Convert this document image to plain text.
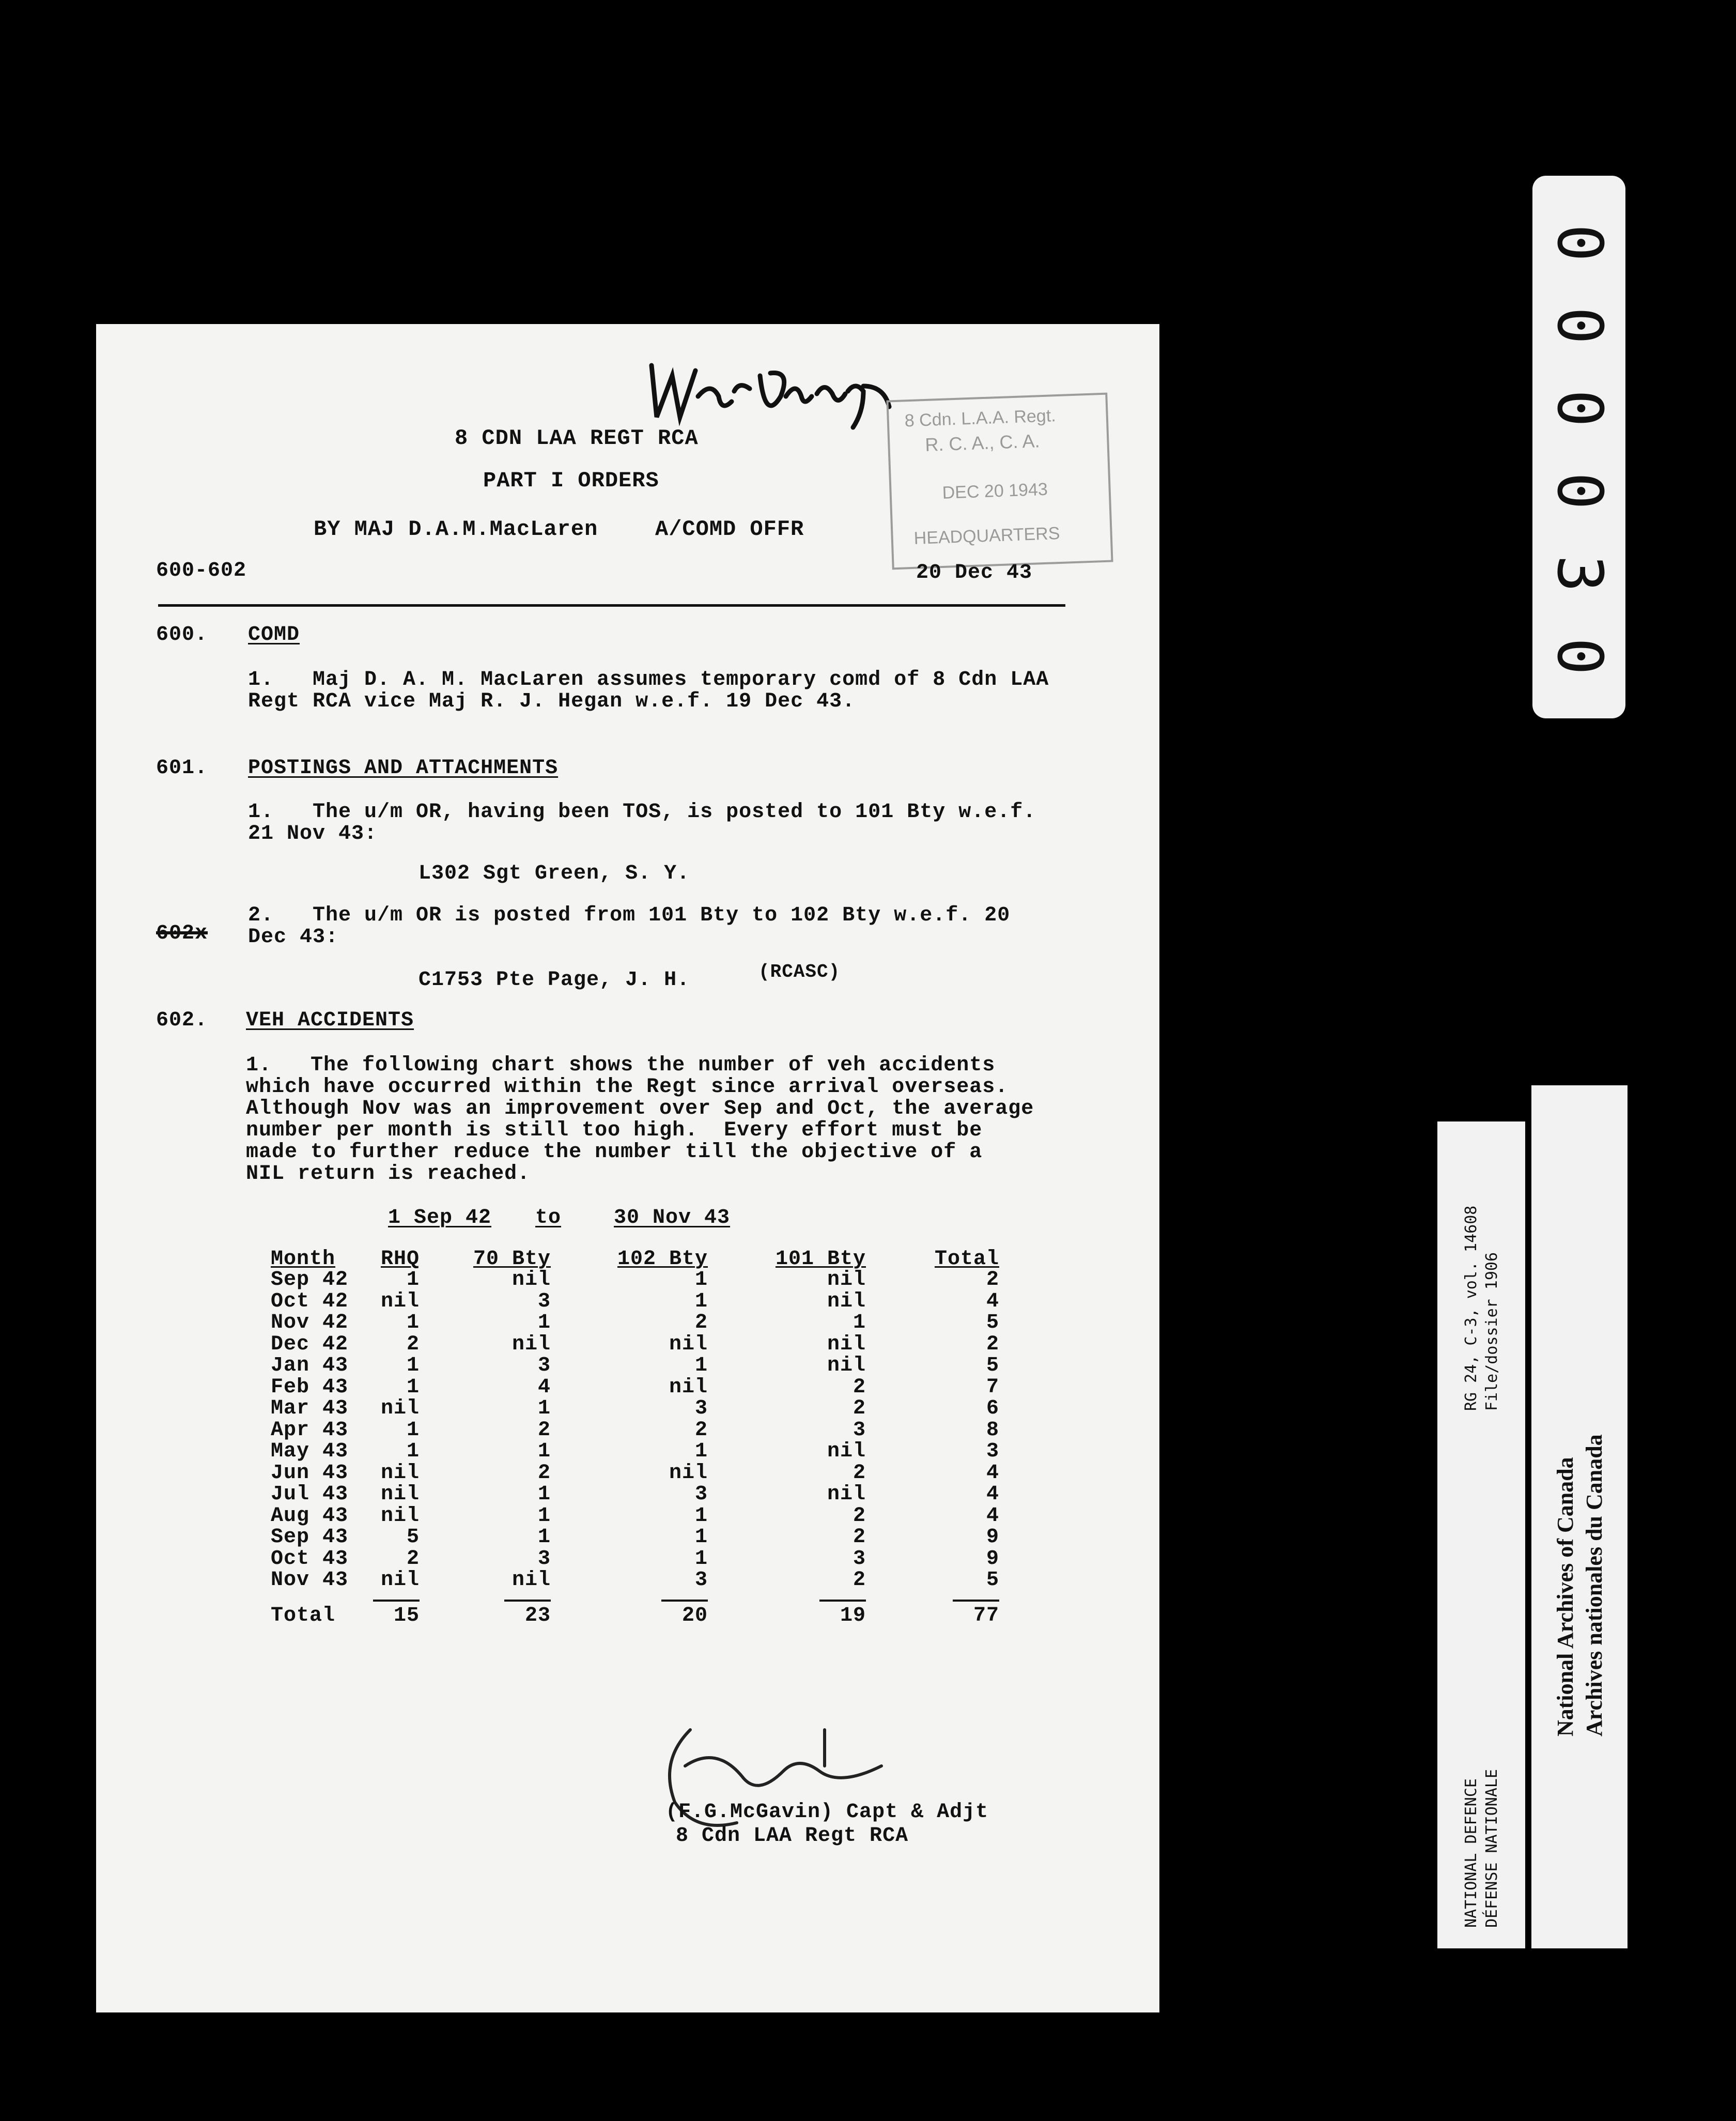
8 Cdn. L.A.A. Regt.
R. C. A., C. A.
DEC 20 1943
HEADQUARTERS
8 CDN LAA REGT RCA
PART I ORDERS
BY MAJ D.A.M.MacLaren	A/COMD OFFR
600-602	20 Dec 43
600. COMD
1.   Maj D. A. M. MacLaren assumes temporary comd of 8 Cdn LAA
Regt RCA vice Maj R. J. Hegan w.e.f. 19 Dec 43.
601. POSTINGS AND ATTACHMENTS
1.   The u/m OR, having been TOS, is posted to 101 Bty w.e.f.
21 Nov 43:
L302 Sgt Green, S. Y.
2.   The u/m OR is posted from 101 Bty to 102 Bty w.e.f. 20
Dec 43:
602x
C1753 Pte Page, J. H.	(RCASC)
602. VEH ACCIDENTS
1.   The following chart shows the number of veh accidents
which have occurred within the Regt since arrival overseas.
Although Nov was an improvement over Sep and Oct, the average
number per month is still too high.  Every effort must be
made to further reduce the number till the objective of a
NIL return is reached.
1 Sep 42 to	30 Nov 43
Month	RHQ	70 Bty	102 Bty	101 Bty	Total
Sep 42	1	nil	1	nil	2
Oct 42	nil	3	1	nil	4
Nov 42	1	1	2	1	5
Dec 42	2	nil	nil	nil	2
Jan 43	1	3	1	nil	5
Feb 43	1	4	nil	2	7
Mar 43	nil	1	3	2	6
Apr 43	1	2	2	3	8
May 43	1	1	1	nil	3
Jun 43	nil	2	nil	2	4
Jul 43	nil	1	3	nil	4
Aug 43	nil	1	1	2	4
Sep 43	5	1	1	2	9
Oct 43	2	3	1	3	9
Nov 43	nil	nil	3	2	5
Total	15	23	20	19	77
(F.G.McGavin) Capt & Adjt
8 Cdn LAA Regt RCA
0
0
0
0
3
0
NATIONAL DEFENCE DÉFENSE NATIONALE
RG 24, C-3, vol. 14608 File/dossier 1906
National Archives of Canada Archives nationales du Canada
